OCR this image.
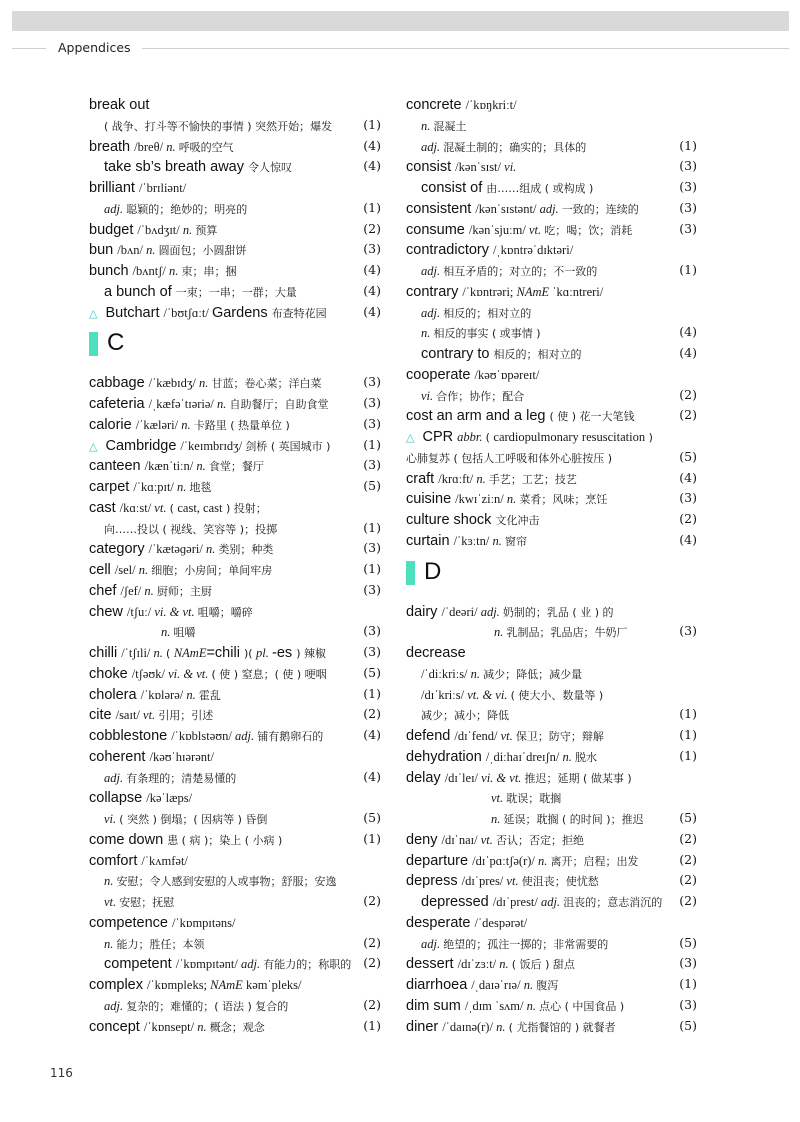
Appendices
break out
( 战争、打斗等不愉快的事情 ) 突然开始；爆发 (1)
breath /breθ/ n. 呼吸的空气	(4)
take sb’s breath away 令人惊叹	(4)
brilliant /ˈbrɪliənt/
adj. 聪颖的；绝妙的；明亮的	(1)
budget /ˈbʌdʒɪt/ n. 预算	(2)
bun /bʌn/ n. 圆面包；小圆甜饼	(3)
bunch /bʌntʃ/ n. 束；串；捆	(4)
a bunch of 一束；一串；一群；大量	(4)
△ Butchart /ˈbʊtʃɑːt/ Gardens 布查特花园	(4)
C
cabbage /ˈkæbɪdʒ/ n. 甘蓝；卷心菜；洋白菜	(3)
cafeteria /ˌkæfəˈtɪəriə/ n. 自助餐厅；自助食堂	(3)
calorie /ˈkæləri/ n. 卡路里 ( 热量单位 )	(3)
△ Cambridge /ˈkeɪmbrɪdʒ/ 剑桥 ( 英国城市 )	(1)
canteen /kænˈtiːn/ n. 食堂；餐厅	(3)
carpet /ˈkɑːpɪt/ n. 地毯	(5)
cast /kɑːst/ vt. ( cast, cast ) 投射；
向……投以 ( 视线、笑容等 )；投掷	(1)
category /ˈkætəɡəri/ n. 类别；种类	(3)
cell /sel/ n. 细胞；小房间；单间牢房	(1)
chef /ʃef/ n. 厨师；主厨	(3)
chew /tʃuː/ vi. & vt. 咀嚼；嚼碎
n. 咀嚼	(3)
chilli /ˈtʃɪli/ n. ( NAmE=chili )( pl. -es ) 辣椒	(3)
choke /tʃəʊk/ vi. & vt. ( 使 ) 窒息；( 使 ) 哽咽	(5)
cholera /ˈkɒlərə/ n. 霍乱	(1)
cite /saɪt/ vt. 引用；引述	(2)
cobblestone /ˈkɒblstəʊn/ adj. 铺有鹅卵石的	(4)
coherent /kəʊˈhɪərənt/
adj. 有条理的；清楚易懂的	(4)
collapse /kəˈlæps/
vi. ( 突然 ) 倒塌；( 因病等 ) 昏倒	(5)
come down 患 ( 病 )；染上 ( 小病 )	(1)
comfort /ˈkʌmfət/
n. 安慰；令人感到安慰的人或事物；舒服；安逸
vt. 安慰；抚慰	(2)
competence /ˈkɒmpɪtəns/
n. 能力；胜任；本领	(2)
competent /ˈkɒmpɪtənt/ adj. 有能力的；称职的 (2)
complex /ˈkɒmpleks; NAmE kəmˈpleks/
adj. 复杂的；难懂的；( 语法 ) 复合的	(2)
concept /ˈkɒnsept/ n. 概念；观念	(1)
concrete /ˈkɒŋkriːt/
n. 混凝土
adj. 混凝土制的；确实的；具体的	(1)
consist /kənˈsɪst/ vi.	(3)
consist of 由……组成 ( 或构成 )	(3)
consistent /kənˈsɪstənt/ adj. 一致的；连续的	(3)
consume /kənˈsjuːm/ vt. 吃；喝；饮；消耗	(3)
contradictory /ˌkɒntrəˈdɪktəri/
adj. 相互矛盾的；对立的；不一致的	(1)
contrary /ˈkɒntrəri; NAmE ˈkɑːntreri/
adj. 相反的；相对立的
n. 相反的事实 ( 或事情 )	(4)
contrary to 相反的；相对立的	(4)
cooperate /kəʊˈɒpəreɪt/
vi. 合作；协作；配合	(2)
cost an arm and a leg ( 使 ) 花一大笔钱	(2)
△ CPR abbr. ( cardiopulmonary resuscitation )
心肺复苏 ( 包括人工呼吸和体外心脏按压 )	(5)
craft /krɑːft/ n. 手艺；工艺；技艺	(4)
cuisine /kwɪˈziːn/ n. 菜肴；风味；烹饪	(3)
culture shock 文化冲击	(2)
curtain /ˈkɜːtn/ n. 窗帘	(4)
D
dairy /ˈdeəri/ adj. 奶制的；乳品 ( 业 ) 的
n. 乳制品；乳品店；牛奶厂	(3)
decrease
/ˈdiːkriːs/ n. 减少；降低；减少量
/dɪˈkriːs/ vt. & vi. ( 使大小、数量等 )
减少；减小；降低	(1)
defend /dɪˈfend/ vt. 保卫；防守；辩解	(1)
dehydration /ˌdiːhaɪˈdreɪʃn/ n. 脱水	(1)
delay /dɪˈleɪ/ vi. & vt. 推迟；延期 ( 做某事 )
vt. 耽误；耽搁
n. 延误；耽搁 ( 的时间 )；推迟	(5)
deny /dɪˈnaɪ/ vt. 否认；否定；拒绝	(2)
departure /dɪˈpɑːtʃə(r)/ n. 离开；启程；出发	(2)
depress /dɪˈpres/ vt. 使沮丧；使忧愁	(2)
depressed /dɪˈprest/ adj. 沮丧的；意志消沉的 (2)
desperate /ˈdespərət/
adj. 绝望的；孤注一掷的；非常需要的	(5)
dessert /dɪˈzɜːt/ n. ( 饭后 ) 甜点	(3)
diarrhoea /ˌdaɪəˈrɪə/ n. 腹泻	(1)
dim sum /ˌdɪm ˈsʌm/ n. 点心 ( 中国食品 )	(3)
diner /ˈdaɪnə(r)/ n. ( 尤指餐馆的 ) 就餐者	(5)
116
